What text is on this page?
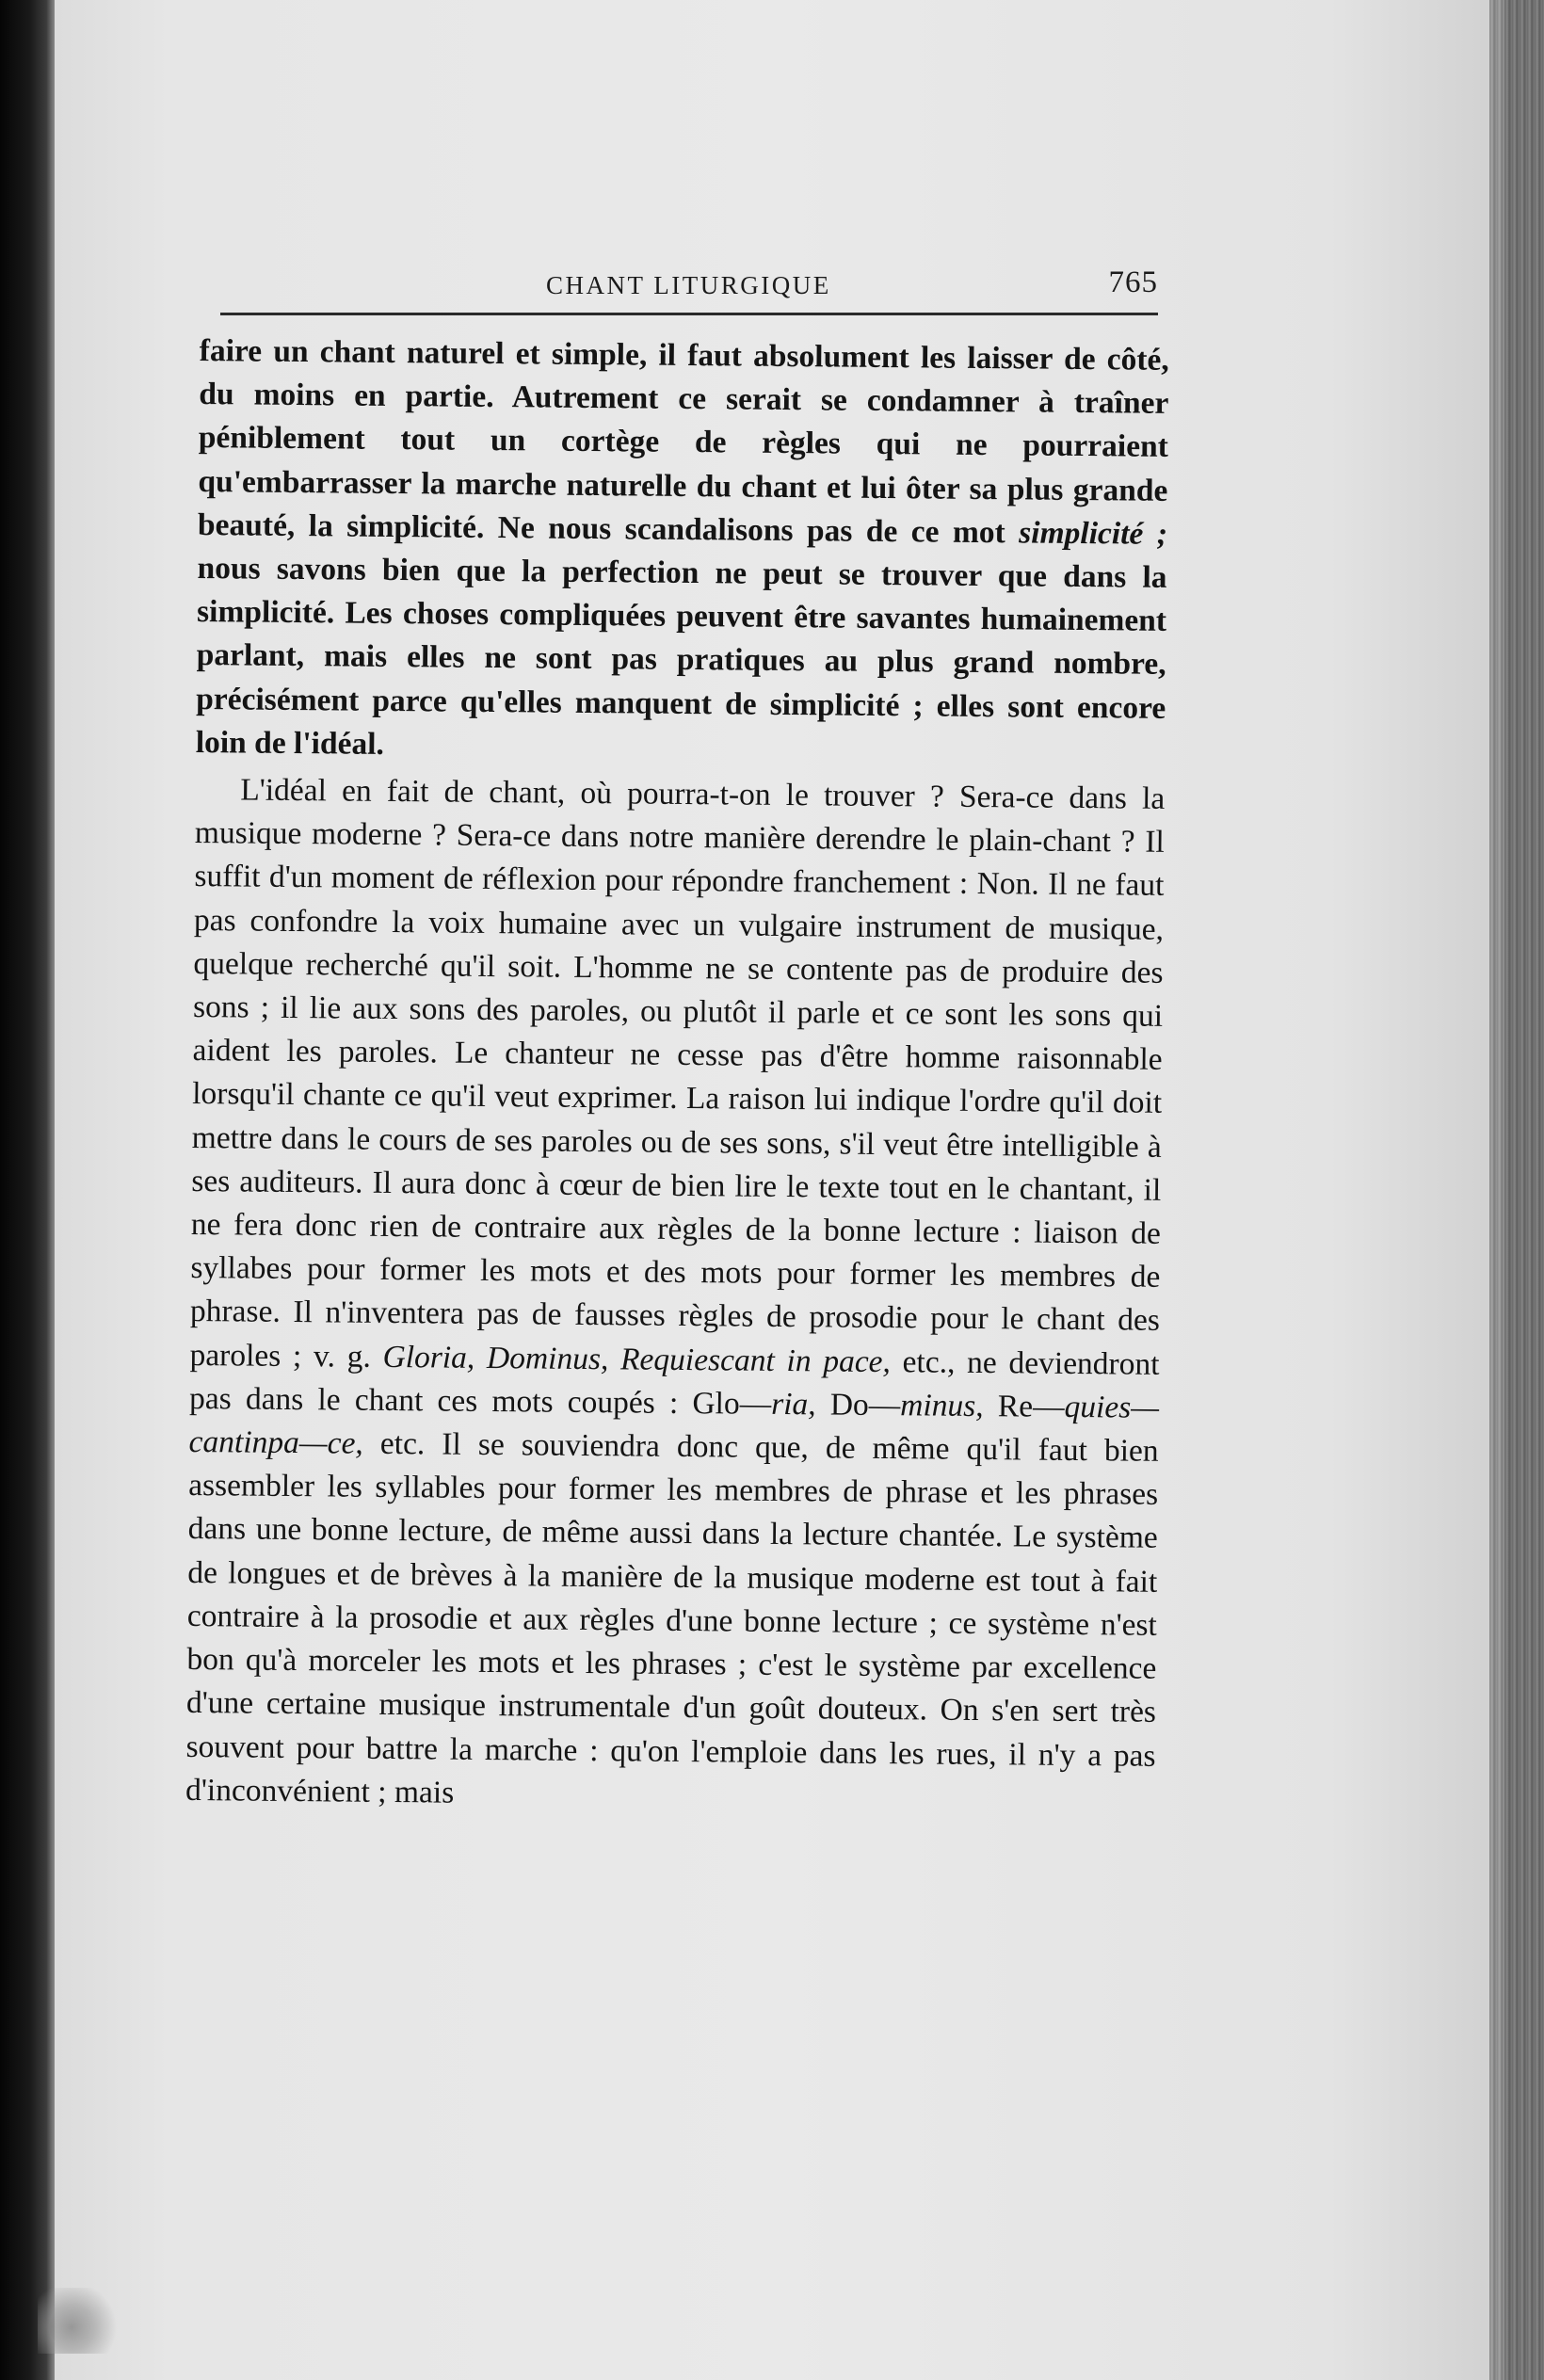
CHANT LITURGIQUE	765

faire un chant naturel et simple, il faut absolument les laisser de côté, du moins en partie. Autrement ce serait se condamner à traîner péniblement tout un cortège de règles qui ne pourraient qu'embarrasser la marche naturelle du chant et lui ôter sa plus grande beauté, la simplicité. Ne nous scandalisons pas de ce mot simplicité ; nous savons bien que la perfection ne peut se trouver que dans la simplicité. Les choses compliquées peuvent être savantes humainement parlant, mais elles ne sont pas pratiques au plus grand nombre, précisément parce qu'elles manquent de simplicité ; elles sont encore loin de l'idéal.

L'idéal en fait de chant, où pourra-t-on le trouver ? Sera-ce dans la musique moderne ? Sera-ce dans notre manière derendre le plain-chant ? Il suffit d'un moment de réflexion pour répondre franchement : Non. Il ne faut pas confondre la voix humaine avec un vulgaire instrument de musique, quelque recherché qu'il soit. L'homme ne se contente pas de produire des sons ; il lie aux sons des paroles, ou plutôt il parle et ce sont les sons qui aident les paroles. Le chanteur ne cesse pas d'être homme raisonnable lorsqu'il chante ce qu'il veut exprimer. La raison lui indique l'ordre qu'il doit mettre dans le cours de ses paroles ou de ses sons, s'il veut être intelligible à ses auditeurs. Il aura donc à cœur de bien lire le texte tout en le chantant, il ne fera donc rien de contraire aux règles de la bonne lecture : liaison de syllabes pour former les mots et des mots pour former les membres de phrase. Il n'inventera pas de fausses règles de prosodie pour le chant des paroles ; v. g. Gloria, Dominus, Requiescant in pace, etc., ne deviendront pas dans le chant ces mots coupés : Glo—ria, Do—minus, Re—quies—cantinpa—ce, etc. Il se souviendra donc que, de même qu'il faut bien assembler les syllables pour former les membres de phrase et les phrases dans une bonne lecture, de même aussi dans la lecture chantée. Le système de longues et de brèves à la manière de la musique moderne est tout à fait contraire à la prosodie et aux règles d'une bonne lecture ; ce système n'est bon qu'à morceler les mots et les phrases ; c'est le système par excellence d'une certaine musique instrumentale d'un goût douteux. On s'en sert très souvent pour battre la marche : qu'on l'emploie dans les rues, il n'y a pas d'inconvénient ; mais
